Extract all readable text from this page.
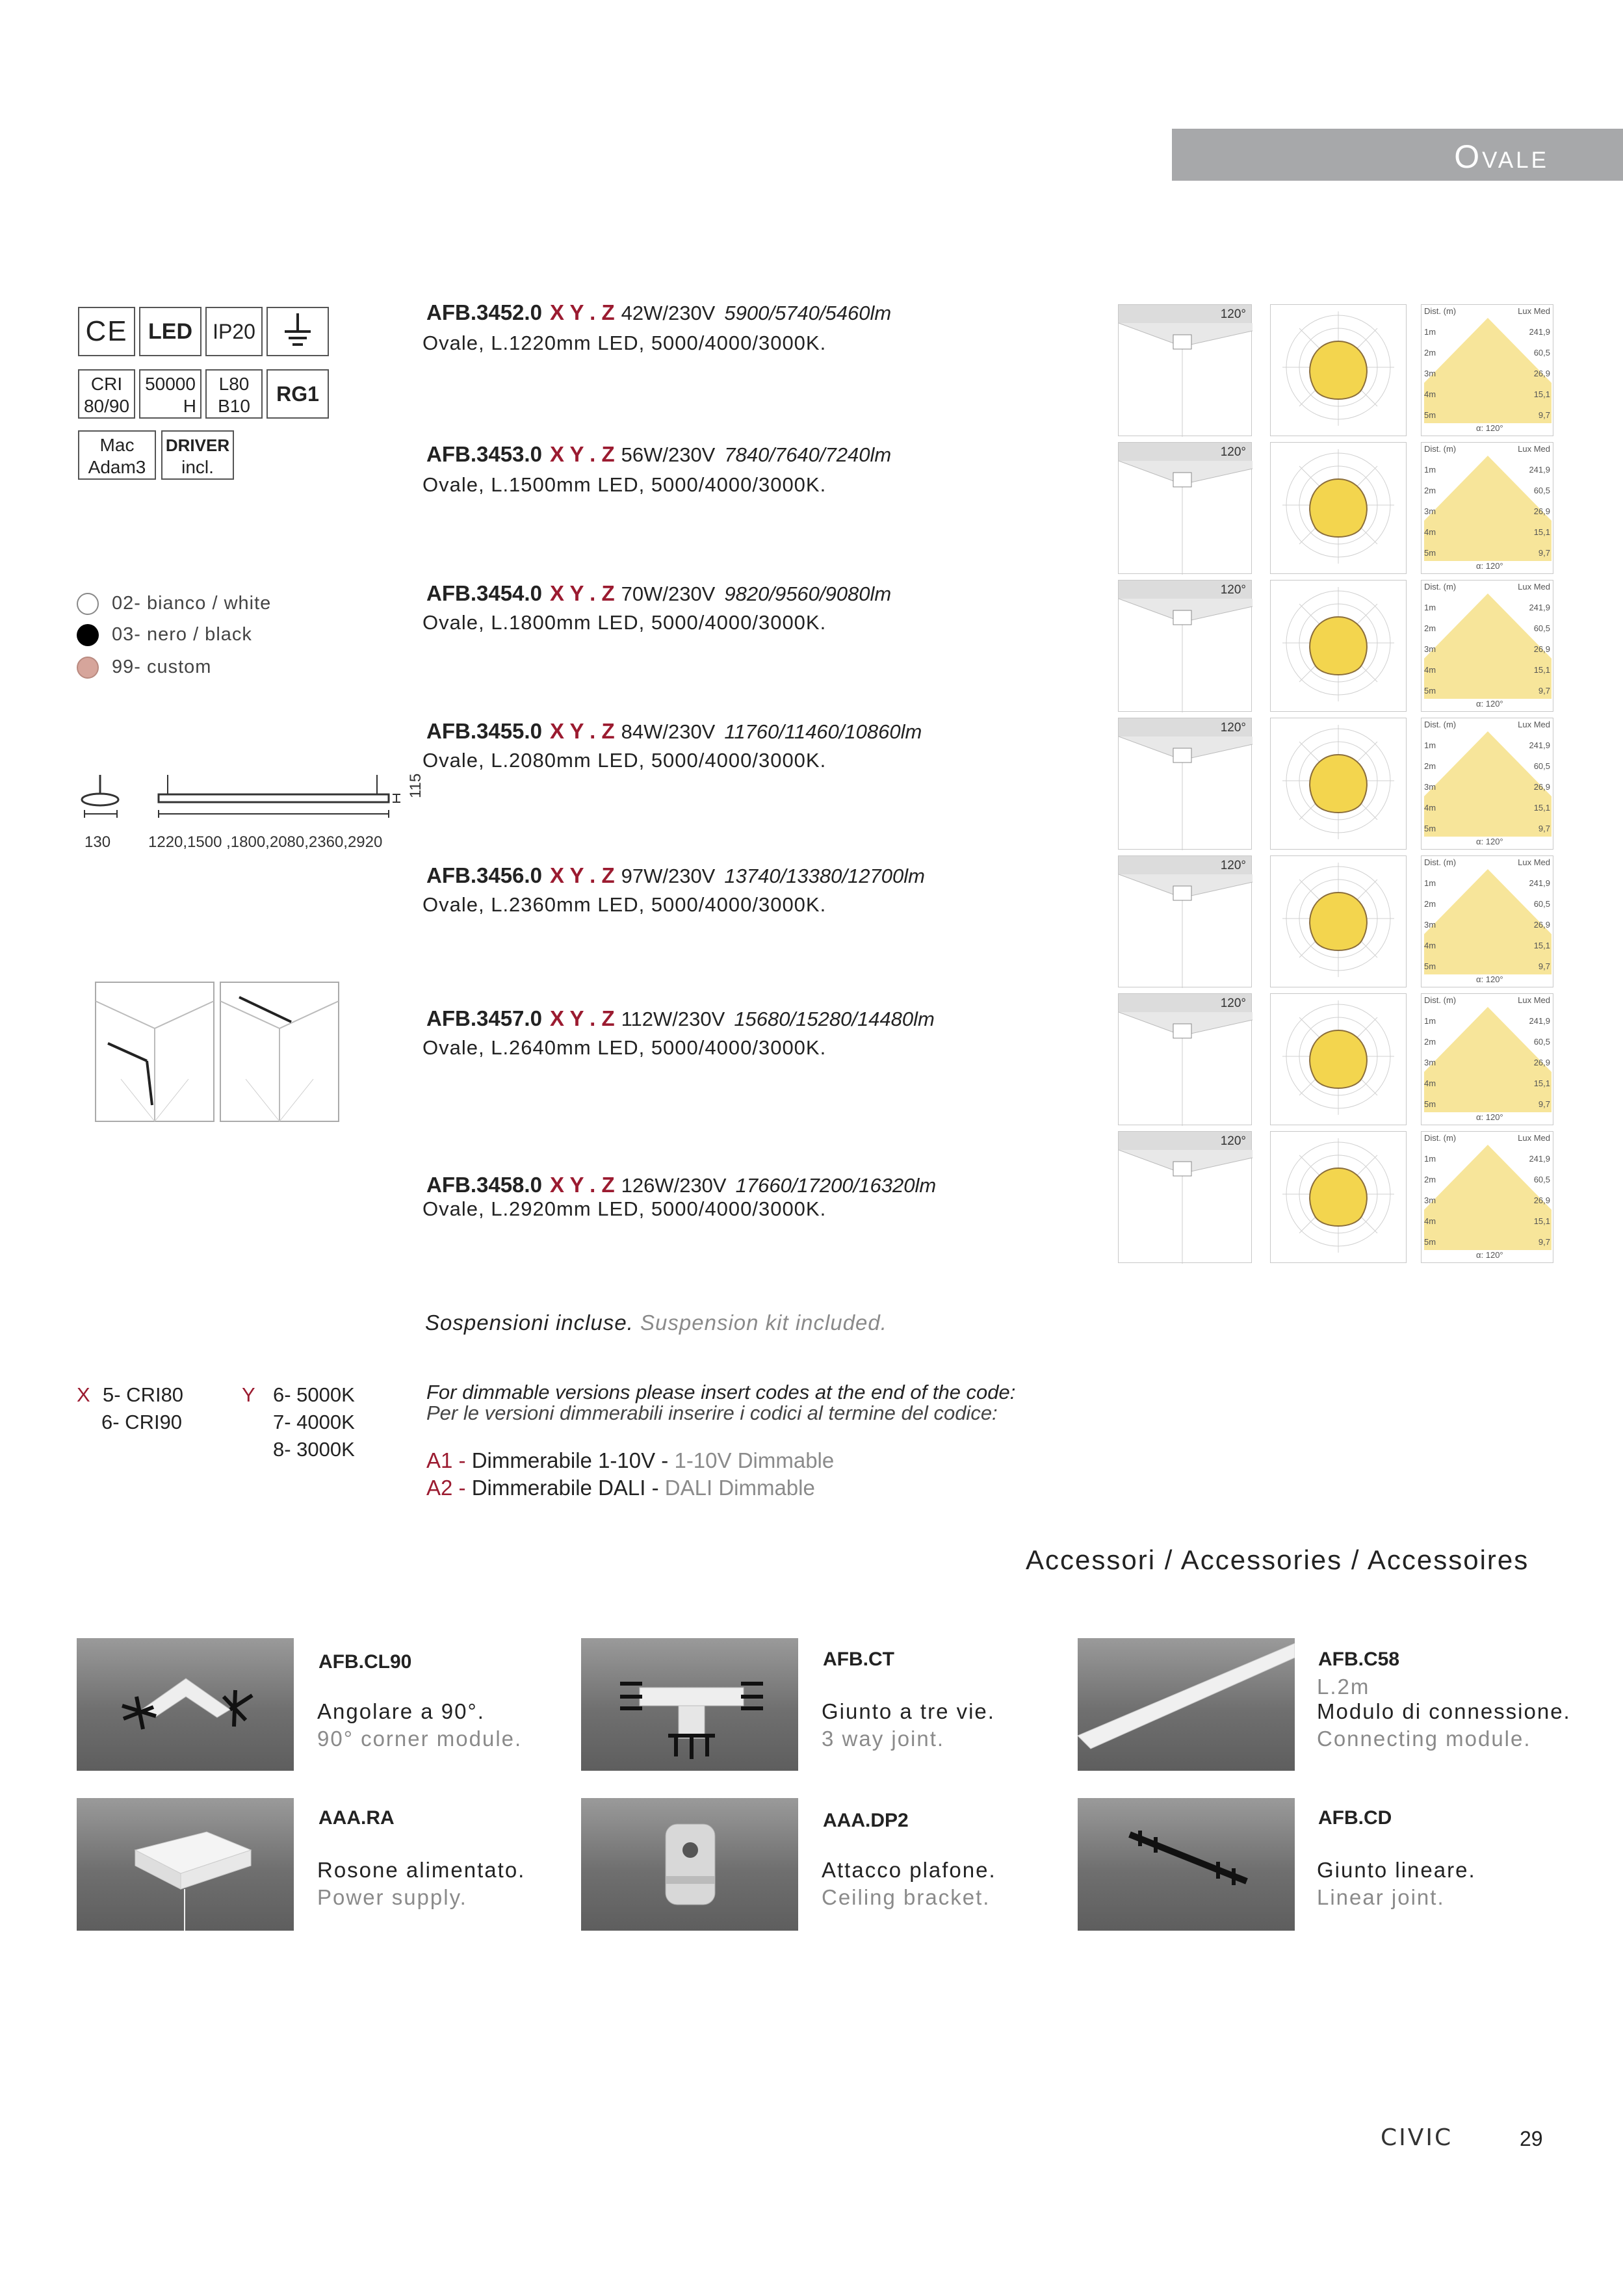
Ovale
CE LED IP20
CRI
80/90
50000
H
L80
B10
RG1
Mac
Adam3
DRIVER
incl.
02- bianco / white
03- nero / black
99- custom
130 1220,1500 ,1800,2080,2360,2920
115
AFB.3452.0 X Y . Z 42W/230V 5900/5740/5460lm
Ovale, L.1220mm LED, 5000/4000/3000K.
AFB.3453.0 X Y . Z 56W/230V 7840/7640/7240lm
Ovale, L.1500mm LED, 5000/4000/3000K.
AFB.3454.0 X Y . Z 70W/230V 9820/9560/9080lm
Ovale, L.1800mm LED, 5000/4000/3000K.
AFB.3455.0 X Y . Z 84W/230V 11760/11460/10860lm
Ovale, L.2080mm LED, 5000/4000/3000K.
AFB.3456.0 X Y . Z 97W/230V 13740/13380/12700lm
Ovale, L.2360mm LED, 5000/4000/3000K.
AFB.3457.0 X Y . Z 112W/230V 15680/15280/14480lm
Ovale, L.2640mm LED, 5000/4000/3000K.
AFB.3458.0 X Y . Z 126W/230V 17660/17200/16320lm
Ovale, L.2920mm LED, 5000/4000/3000K.
120°	Dist. (m)	Lux Med
1m	241,9
2m	60,5
3m	26,9
4m	15,1
5m	9,7
α: 120°
120°	Dist. (m)	Lux Med
1m	241,9
2m	60,5
3m	26,9
4m	15,1
5m	9,7
α: 120°
120°	Dist. (m)	Lux Med
1m	241,9
2m	60,5
3m	26,9
4m	15,1
5m	9,7
α: 120°
120°	Dist. (m)	Lux Med
1m	241,9
2m	60,5
3m	26,9
4m	15,1
5m	9,7
α: 120°
120°	Dist. (m)	Lux Med
1m	241,9
2m	60,5
3m	26,9
4m	15,1
5m	9,7
α: 120°
120°	Dist. (m)	Lux Med
1m	241,9
2m	60,5
3m	26,9
4m	15,1
5m	9,7
α: 120°
120°	Dist. (m)	Lux Med
1m	241,9
2m	60,5
3m	26,9
4m	15,1
5m	9,7
α: 120°
Sospensioni incluse. Suspension kit included.
X 5- CRI80
6- CRI90
Y 6- 5000K
7- 4000K
8- 3000K
For dimmable versions please insert codes at the end of the code:
Per le versioni dimmerabili inserire i codici al termine del codice:
A1 - Dimmerabile 1-10V - 1-10V Dimmable
A2 - Dimmerabile DALI - DALI Dimmable
Accessori / Accessories / Accessoires
AFB.CL90
Angolare a 90°.
90° corner module.
AFB.CT
Giunto a tre vie.
3 way joint.
AFB.C58
L.2m
Modulo di connessione.
Connecting module.
AAA.RA
Rosone alimentato.
Power supply.
AAA.DP2
Attacco plafone.
Ceiling bracket.
AFB.CD
Giunto lineare.
Linear joint.
CIVIC	29
